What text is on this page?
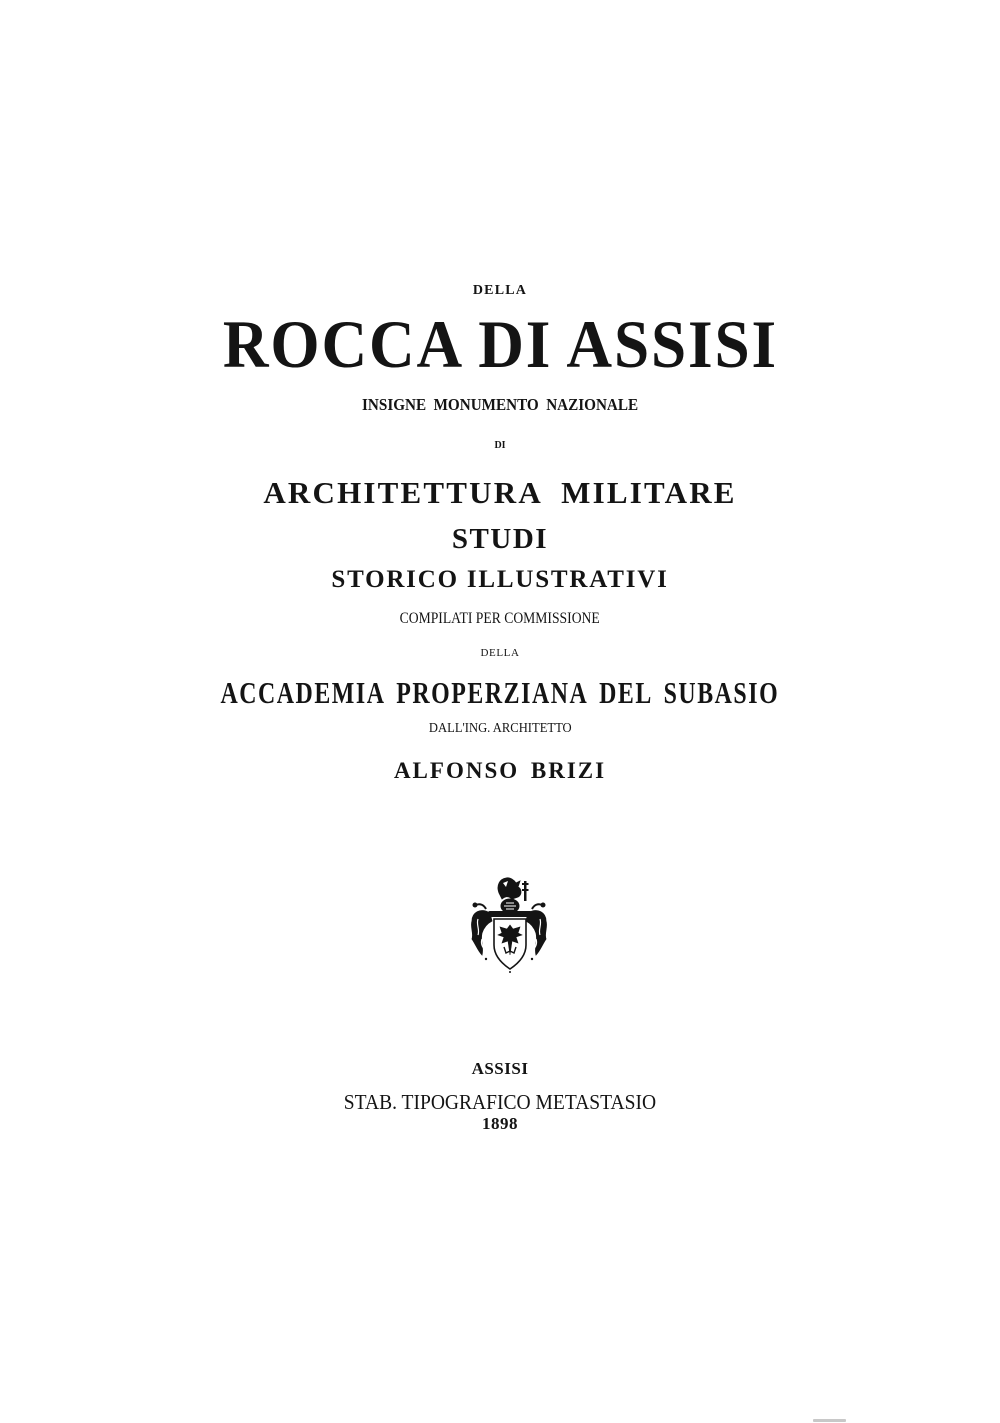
DELLA
ROCCA DI ASSISI
INSIGNE MONUMENTO NAZIONALE
DI
ARCHITETTURA MILITARE
STUDI
STORICO ILLUSTRATIVI
COMPILATI PER COMMISSIONE
DELLA
ACCADEMIA PROPERZIANA DEL SUBASIO
DALL'ING. ARCHITETTO
ALFONSO BRIZI
ASSISI
STAB. TIPOGRAFICO METASTASIO
1898
